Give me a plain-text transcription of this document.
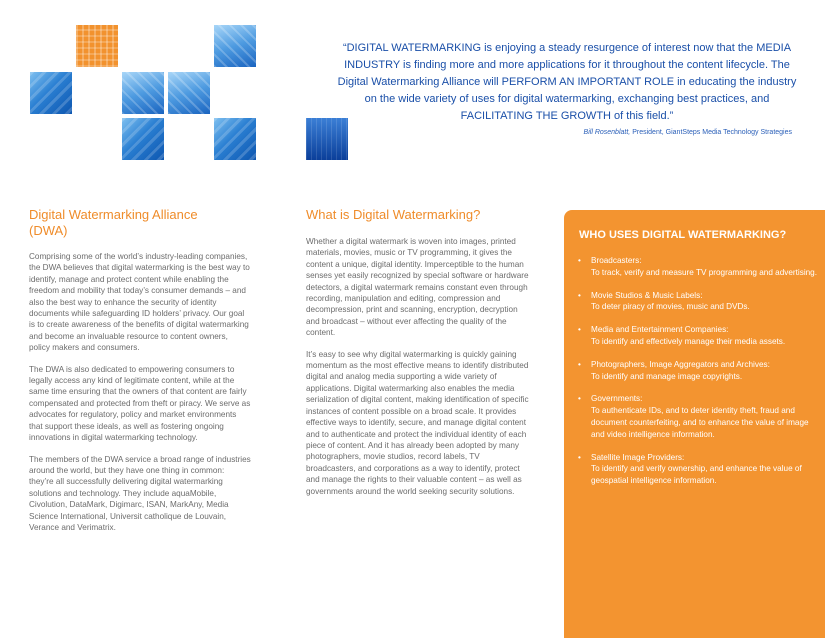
“DIGITAL WATERMARKING is enjoying a steady resurgence of interest now that the MEDIA INDUSTRY is finding more and more applications for it throughout the content lifecycle. The Digital Watermarking Alliance will PERFORM AN IMPORTANT ROLE in educating the industry on the wide variety of uses for digital watermarking, exchanging best practices, and FACILITATING THE GROWTH of this field.”
Bill Rosenblatt, President, GiantSteps Media Technology Strategies
Digital Watermarking Alliance (DWA)

Comprising some of the world’s industry-leading companies, the DWA believes that digital watermarking is the best way to identify, manage and protect content while enabling the freedom and mobility that today’s consumer demands – and also the best way to enhance the security of identity documents while safeguarding ID holders’ privacy. Our goal is to create awareness of the benefits of digital watermarking and become an invaluable resource to content owners, policy makers and consumers.

The DWA is also dedicated to empowering consumers to legally access any kind of legitimate content, while at the same time ensuring that the owners of that content are fairly compensated and protected from theft or piracy. We serve as advocates for regulatory, policy and market environments that support these ideals, as well as fostering ongoing innovations in digital watermarking technology.

The members of the DWA service a broad range of industries around the world, but they have one thing in common: they’re all successfully delivering digital watermarking solutions and technology. They include aquaMobile, Civolution, DataMark, Digimarc, ISAN, MarkAny, Media Science International, Universit catholique de Louvain, Verance and Verimatrix.

What is Digital Watermarking?

Whether a digital watermark is woven into images, printed materials, movies, music or TV programming, it gives the content a unique, digital identity. Imperceptible to the human senses yet easily recognized by special software or hardware detectors, a digital watermark remains constant even through recording, manipulation and editing, compression and decompression, print and scanning, encryption, decryption and broadcast – without ever affecting the quality of the content.

It’s easy to see why digital watermarking is quickly gaining momentum as the most effective means to identify distributed digital and analog media supporting a wide variety of applications. Digital watermarking also enables the media serialization of digital content, making identification of specific instances of content possible on a broad scale. It provides effective ways to identify, secure, and manage digital content and to authenticate and protect the individual identity of each piece of content. And it has already been adopted by many photographers, movie studios, record labels, TV broadcasters, and corporations as a way to identify, protect and manage the rights to their valuable content – as well as governments around the world seeking security solutions.

WHO USES DIGITAL WATERMARKING?
• Broadcasters:
To track, verify and measure TV programming and advertising.
• Movie Studios & Music Labels:
To deter piracy of movies, music and DVDs.
• Media and Entertainment Companies:
To identify and effectively manage their media assets.
• Photographers, Image Aggregators and Archives:
To identify and manage image copyrights.
• Governments:
To authenticate IDs, and to deter identity theft, fraud and document counterfeiting, and to enhance the value of image and video intelligence information.
• Satellite Image Providers:
To identify and verify ownership, and enhance the value of geospatial intelligence information.
